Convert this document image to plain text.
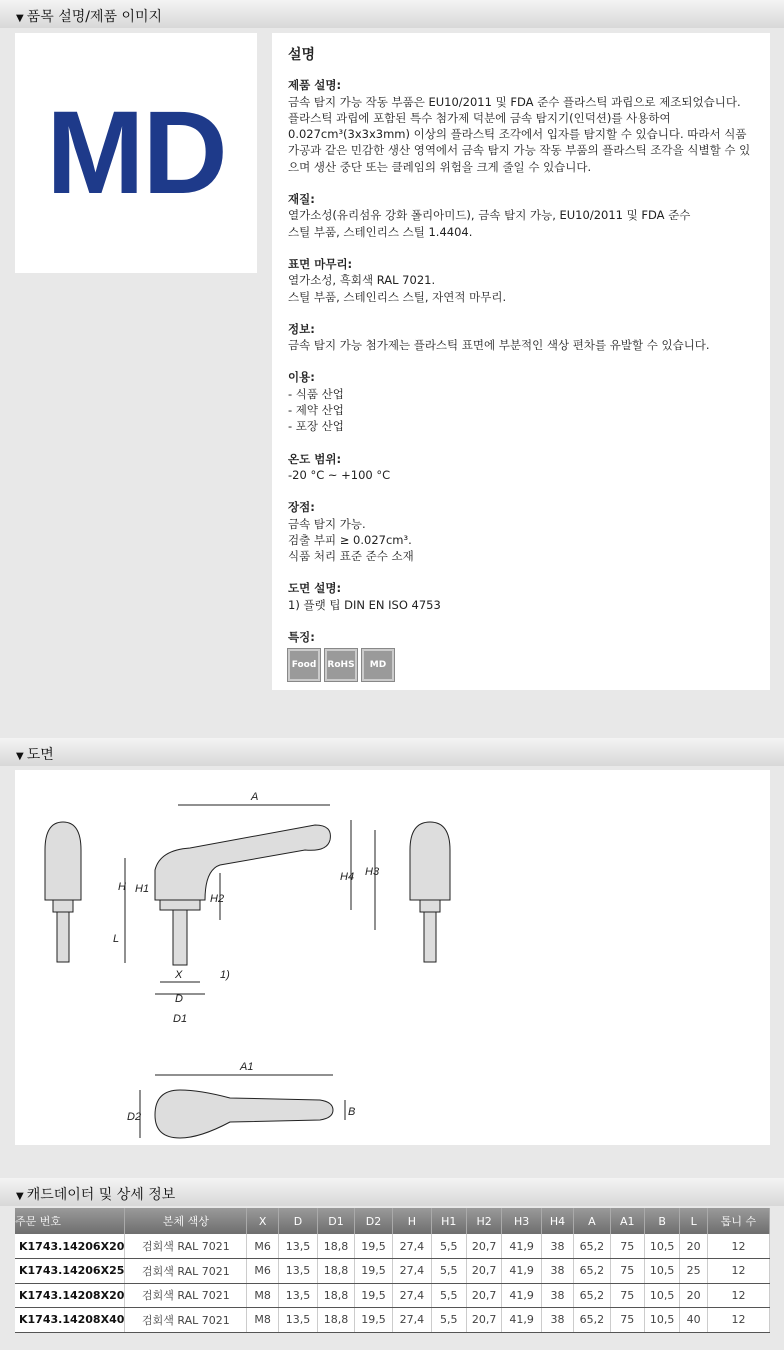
▼ 품목 설명/제품 이미지
MD
설명
제품 설명:
금속 탐지 가능 작동 부품은 EU10/2011 및 FDA 준수 플라스틱 과립으로 제조되었습니다.
플라스틱 과립에 포함된 특수 첨가제 덕분에 금속 탐지기(인덕션)를 사용하여 0.027cm³(3x3x3mm) 이상의 플라스틱 조각에서 입자를 탐지할 수 있습니다. 따라서 식품 가공과 같은 민감한 생산 영역에서 금속 탐지 가능 작동 부품의 플라스틱 조각을 식별할 수 있으며 생산 중단 또는 클레임의 위험을 크게 줄일 수 있습니다.
재질:
열가소성(유리섬유 강화 폴리아미드), 금속 탐지 가능, EU10/2011 및 FDA 준수
스틸 부품, 스테인리스 스틸 1.4404.
표면 마무리:
열가소성, 흑회색 RAL 7021.
스틸 부품, 스테인리스 스틸, 자연적 마무리.
정보:
금속 탐지 가능 첨가제는 플라스틱 표면에 부분적인 색상 편차를 유발할 수 있습니다.
이용:
- 식품 산업
- 제약 산업
- 포장 산업
온도 범위:
-20 °C ~ +100 °C
장점:
금속 탐지 가능.
검출 부피 ≥ 0.027cm³.
식품 처리 표준 준수 소재
도면 설명:
1) 플랫 팁 DIN EN ISO 4753
특징:
Food	RoHS	MD
▼ 도면
A
H H1
H2
H4 H3
L
X
D
D1
1)
A1
D2	B
▼ 캐드데이터 및 상세 정보
주문 번호	본체 색상	X	D	D1	D2	H	H1	H2	H3	H4	A	A1	B	L	톱니 수
K1743.14206X20	검회색 RAL 7021	M6	13,5	18,8	19,5	27,4	5,5	20,7	41,9	38	65,2	75	10,5	20	12
K1743.14206X25	검회색 RAL 7021	M6	13,5	18,8	19,5	27,4	5,5	20,7	41,9	38	65,2	75	10,5	25	12
K1743.14208X20	검회색 RAL 7021	M8	13,5	18,8	19,5	27,4	5,5	20,7	41,9	38	65,2	75	10,5	20	12
K1743.14208X40	검회색 RAL 7021	M8	13,5	18,8	19,5	27,4	5,5	20,7	41,9	38	65,2	75	10,5	40	12
